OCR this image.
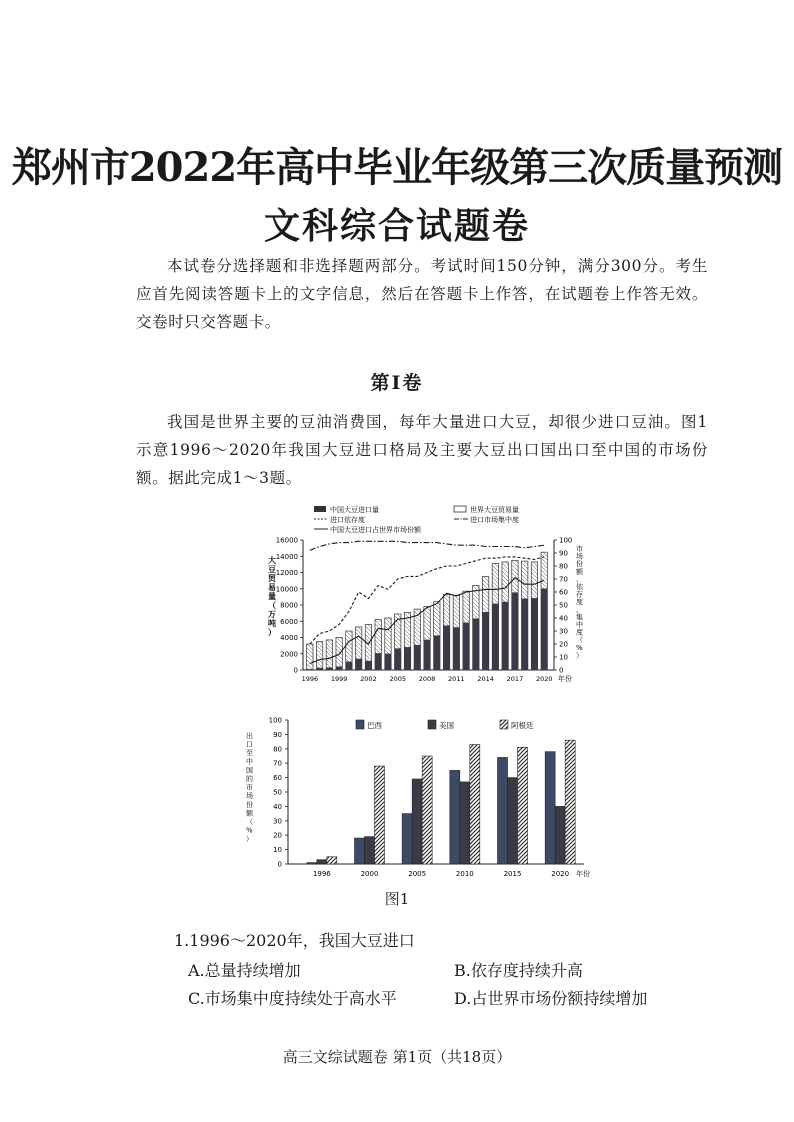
郑州市2022年高中毕业年级第三次质量预测
文科综合试题卷
本试卷分选择题和非选择题两部分。考试时间150分钟，满分300分。考生应首先阅读答题卡上的文字信息，然后在答题卡上作答，在试题卷上作答无效。交卷时只交答题卡。
第Ⅰ卷
我国是世界主要的豆油消费国，每年大量进口大豆，却很少进口豆油。图1示意1996～2020年我国大豆进口格局及主要大豆出口国出口至中国的市场份额。据此完成1～3题。
中国大豆进口量	世界大豆贸易量
进口依存度	进口市场集中度
中国大豆进口占世界市场份额
0
2000
4000
6000
8000
10000
12000
14000
16000
0
10
20
30
40
50
60
70
80
90
100
1996 1999 2002 2005 2008 2011 2014 2017 2020 年份
大豆贸易量（万吨）
市场份额、依存度、集中度（%）
0
10
20
30
40
50
60
70
80
90
100
巴西	美国	阿根廷
出口至中国的市场份额（%）
1996	2000	2005	2010	2015	2020 年份
图1
1.1996～2020年，我国大豆进口
A.总量持续增加	B.依存度持续升高
C.市场集中度持续处于高水平	D.占世界市场份额持续增加
高三文综试题卷 第1页（共18页）
